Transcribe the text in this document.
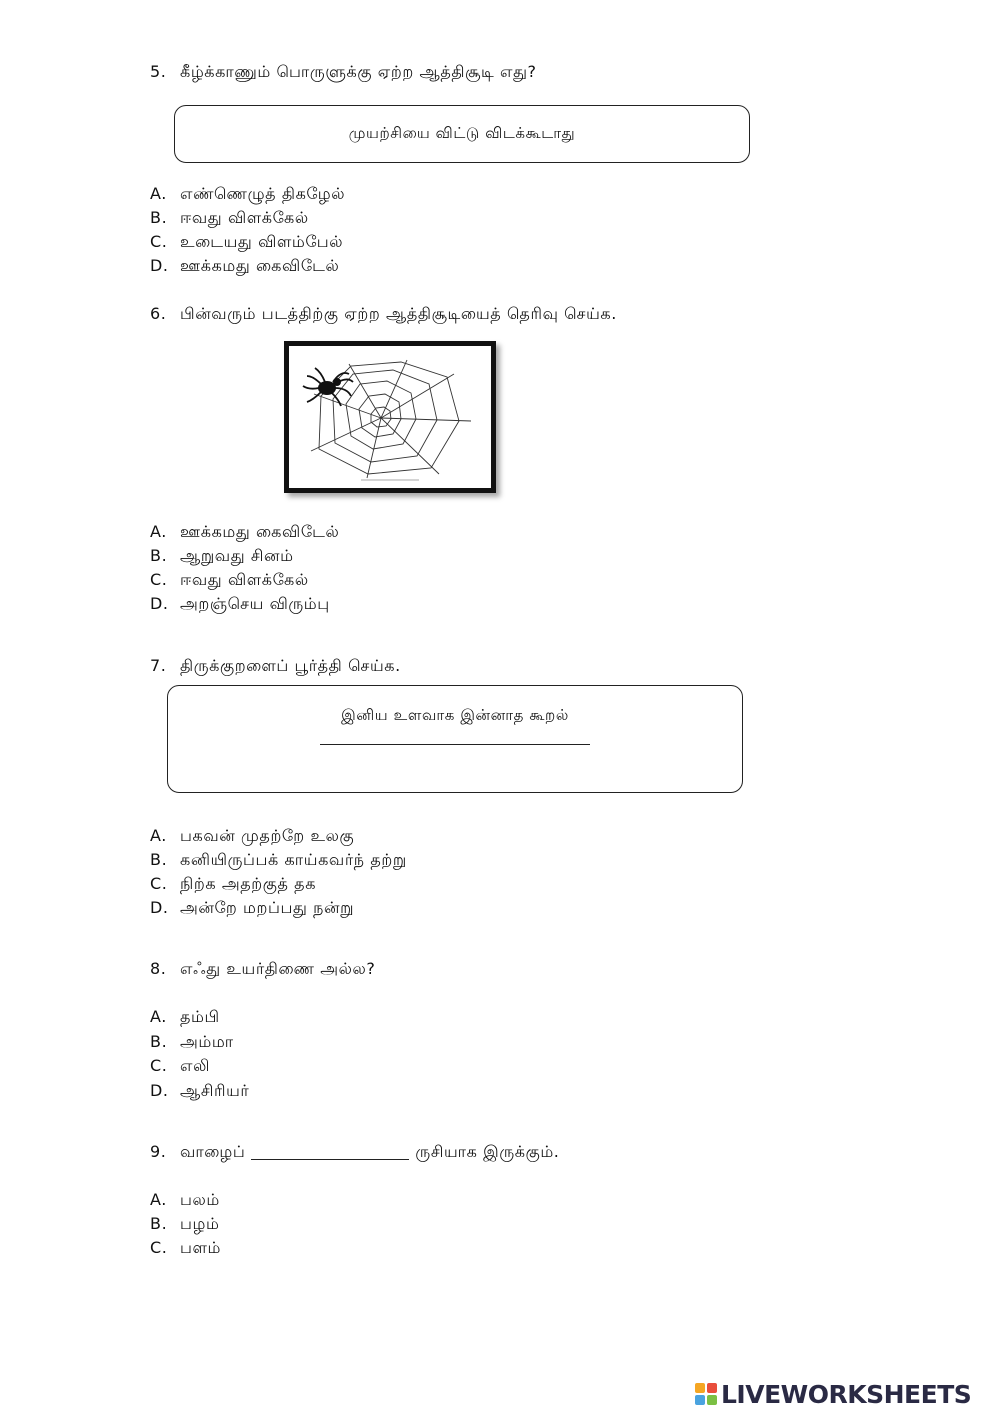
5. கீழ்க்காணும் பொருளுக்கு ஏற்ற ஆத்திசூடி எது?
முயற்சியை விட்டு விடக்கூடாது
A. எண்ணெழுத் திகழேல்
B. ஈவது விளக்கேல்
C. உடையது விளம்பேல்
D. ஊக்கமது கைவிடேல்
6. பின்வரும் படத்திற்கு ஏற்ற ஆத்திசூடியைத் தெரிவு செய்க.
A. ஊக்கமது கைவிடேல்
B. ஆறுவது சினம்
C. ஈவது விளக்கேல்
D. அறஞ்செய விரும்பு
7. திருக்குறளைப் பூர்த்தி செய்க.
இனிய உளவாக இன்னாத கூறல்
A. பகவன் முதற்றே உலகு
B. கனியிருப்பக் காய்கவர்ந் தற்று
C. நிற்க அதற்குத் தக
D. அன்றே மறப்பது நன்று
8. எஃது உயர்திணை அல்ல?
A. தம்பி
B. அம்மா
C. எலி
D. ஆசிரியர்
9. வாழைப்	ருசியாக இருக்கும்.
A. பலம்
B. பழம்
C. பளம்
LIVEWORKSHEETS
